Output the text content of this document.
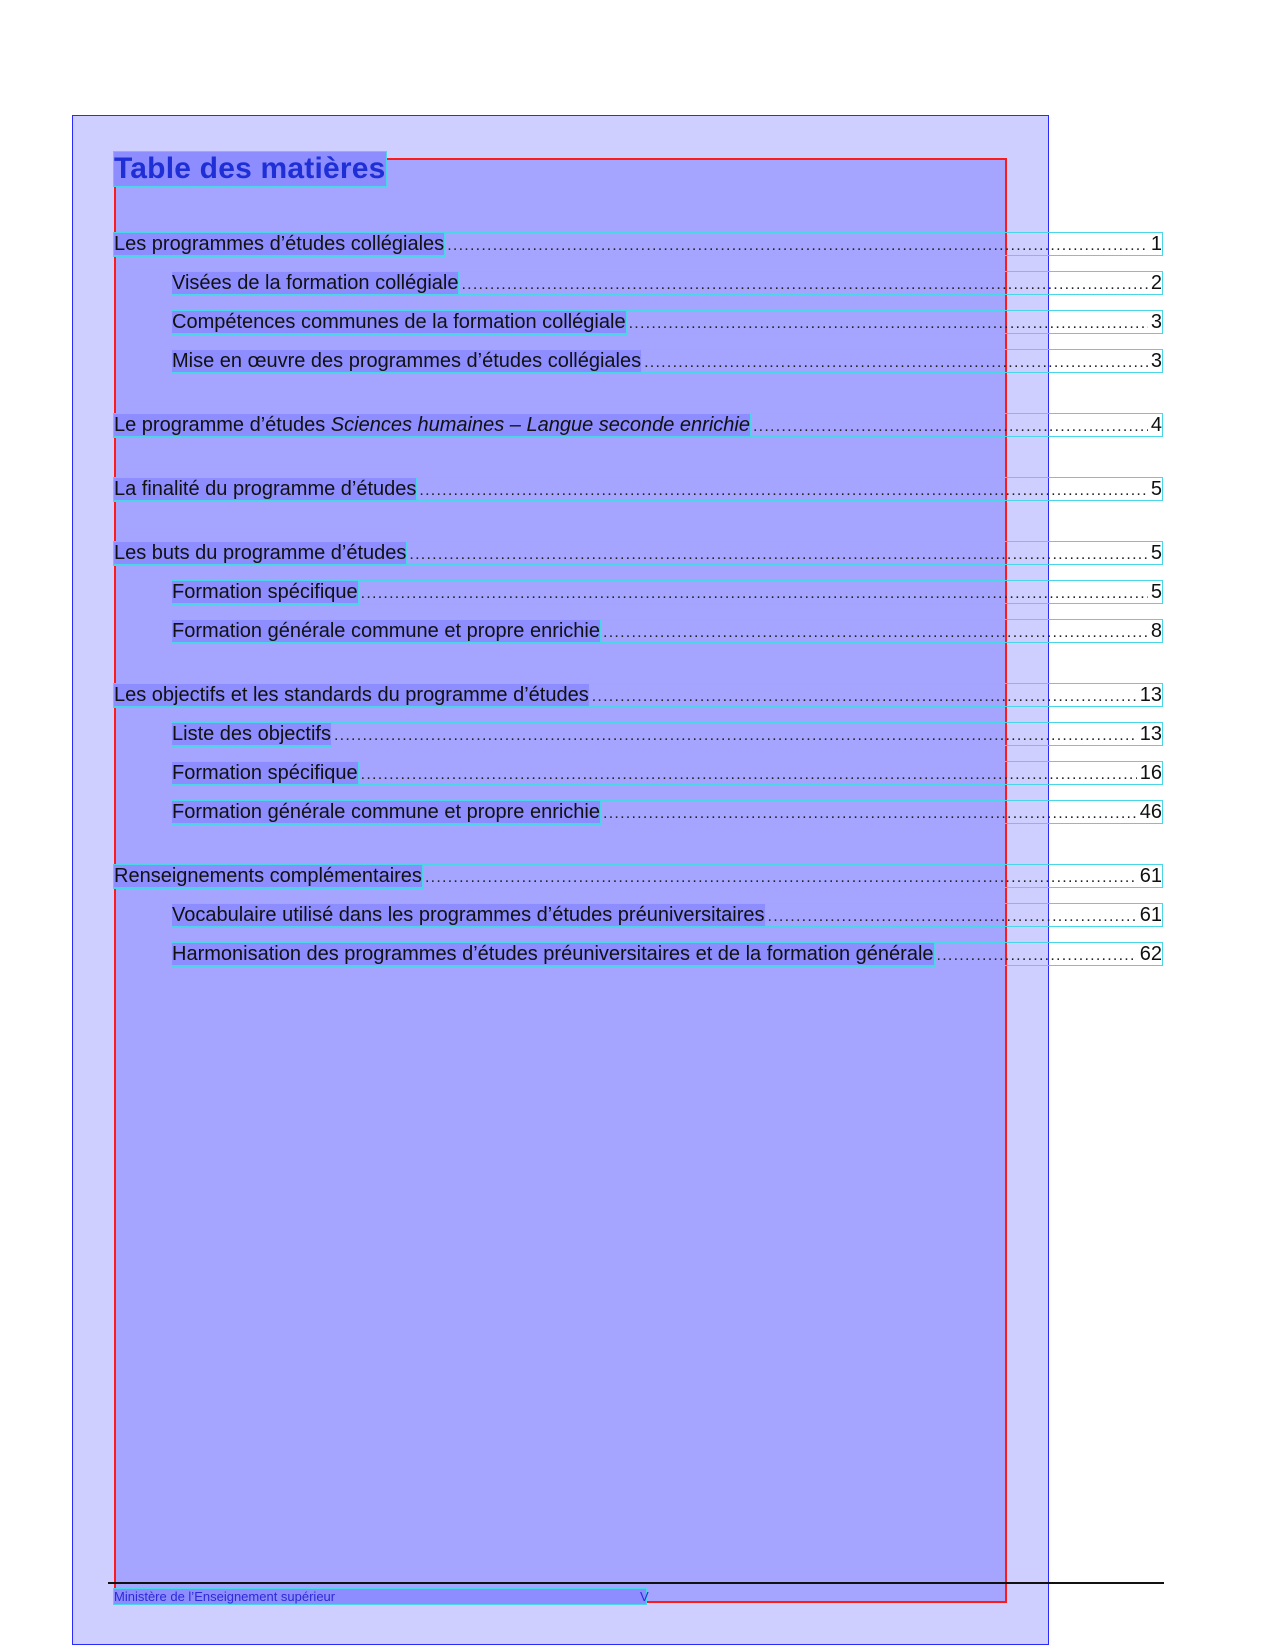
Table des matières
Les programmes d’études collégiales . . .	1
Visées de la formation collégiale . . .	2
Compétences communes de la formation collégiale . . .	3
Mise en œuvre des programmes d’études collégiales . . .	3
Le programme d’études Sciences humaines – Langue seconde enrichie . . .	4
La finalité du programme d’études . . .	5
Les buts du programme d’études . . .	5
Formation spécifique . . .	5
Formation générale commune et propre enrichie . . .	8
Les objectifs et les standards du programme d’études . . .	13
Liste des objectifs . . .	13
Formation spécifique . . .	16
Formation générale commune et propre enrichie . . .	46
Renseignements complémentaires . . .	61
Vocabulaire utilisé dans les programmes d’études préuniversitaires . . .	61
Harmonisation des programmes d’études préuniversitaires et de la formation générale . . .	62
Ministère de l’Enseignement supérieur	V
